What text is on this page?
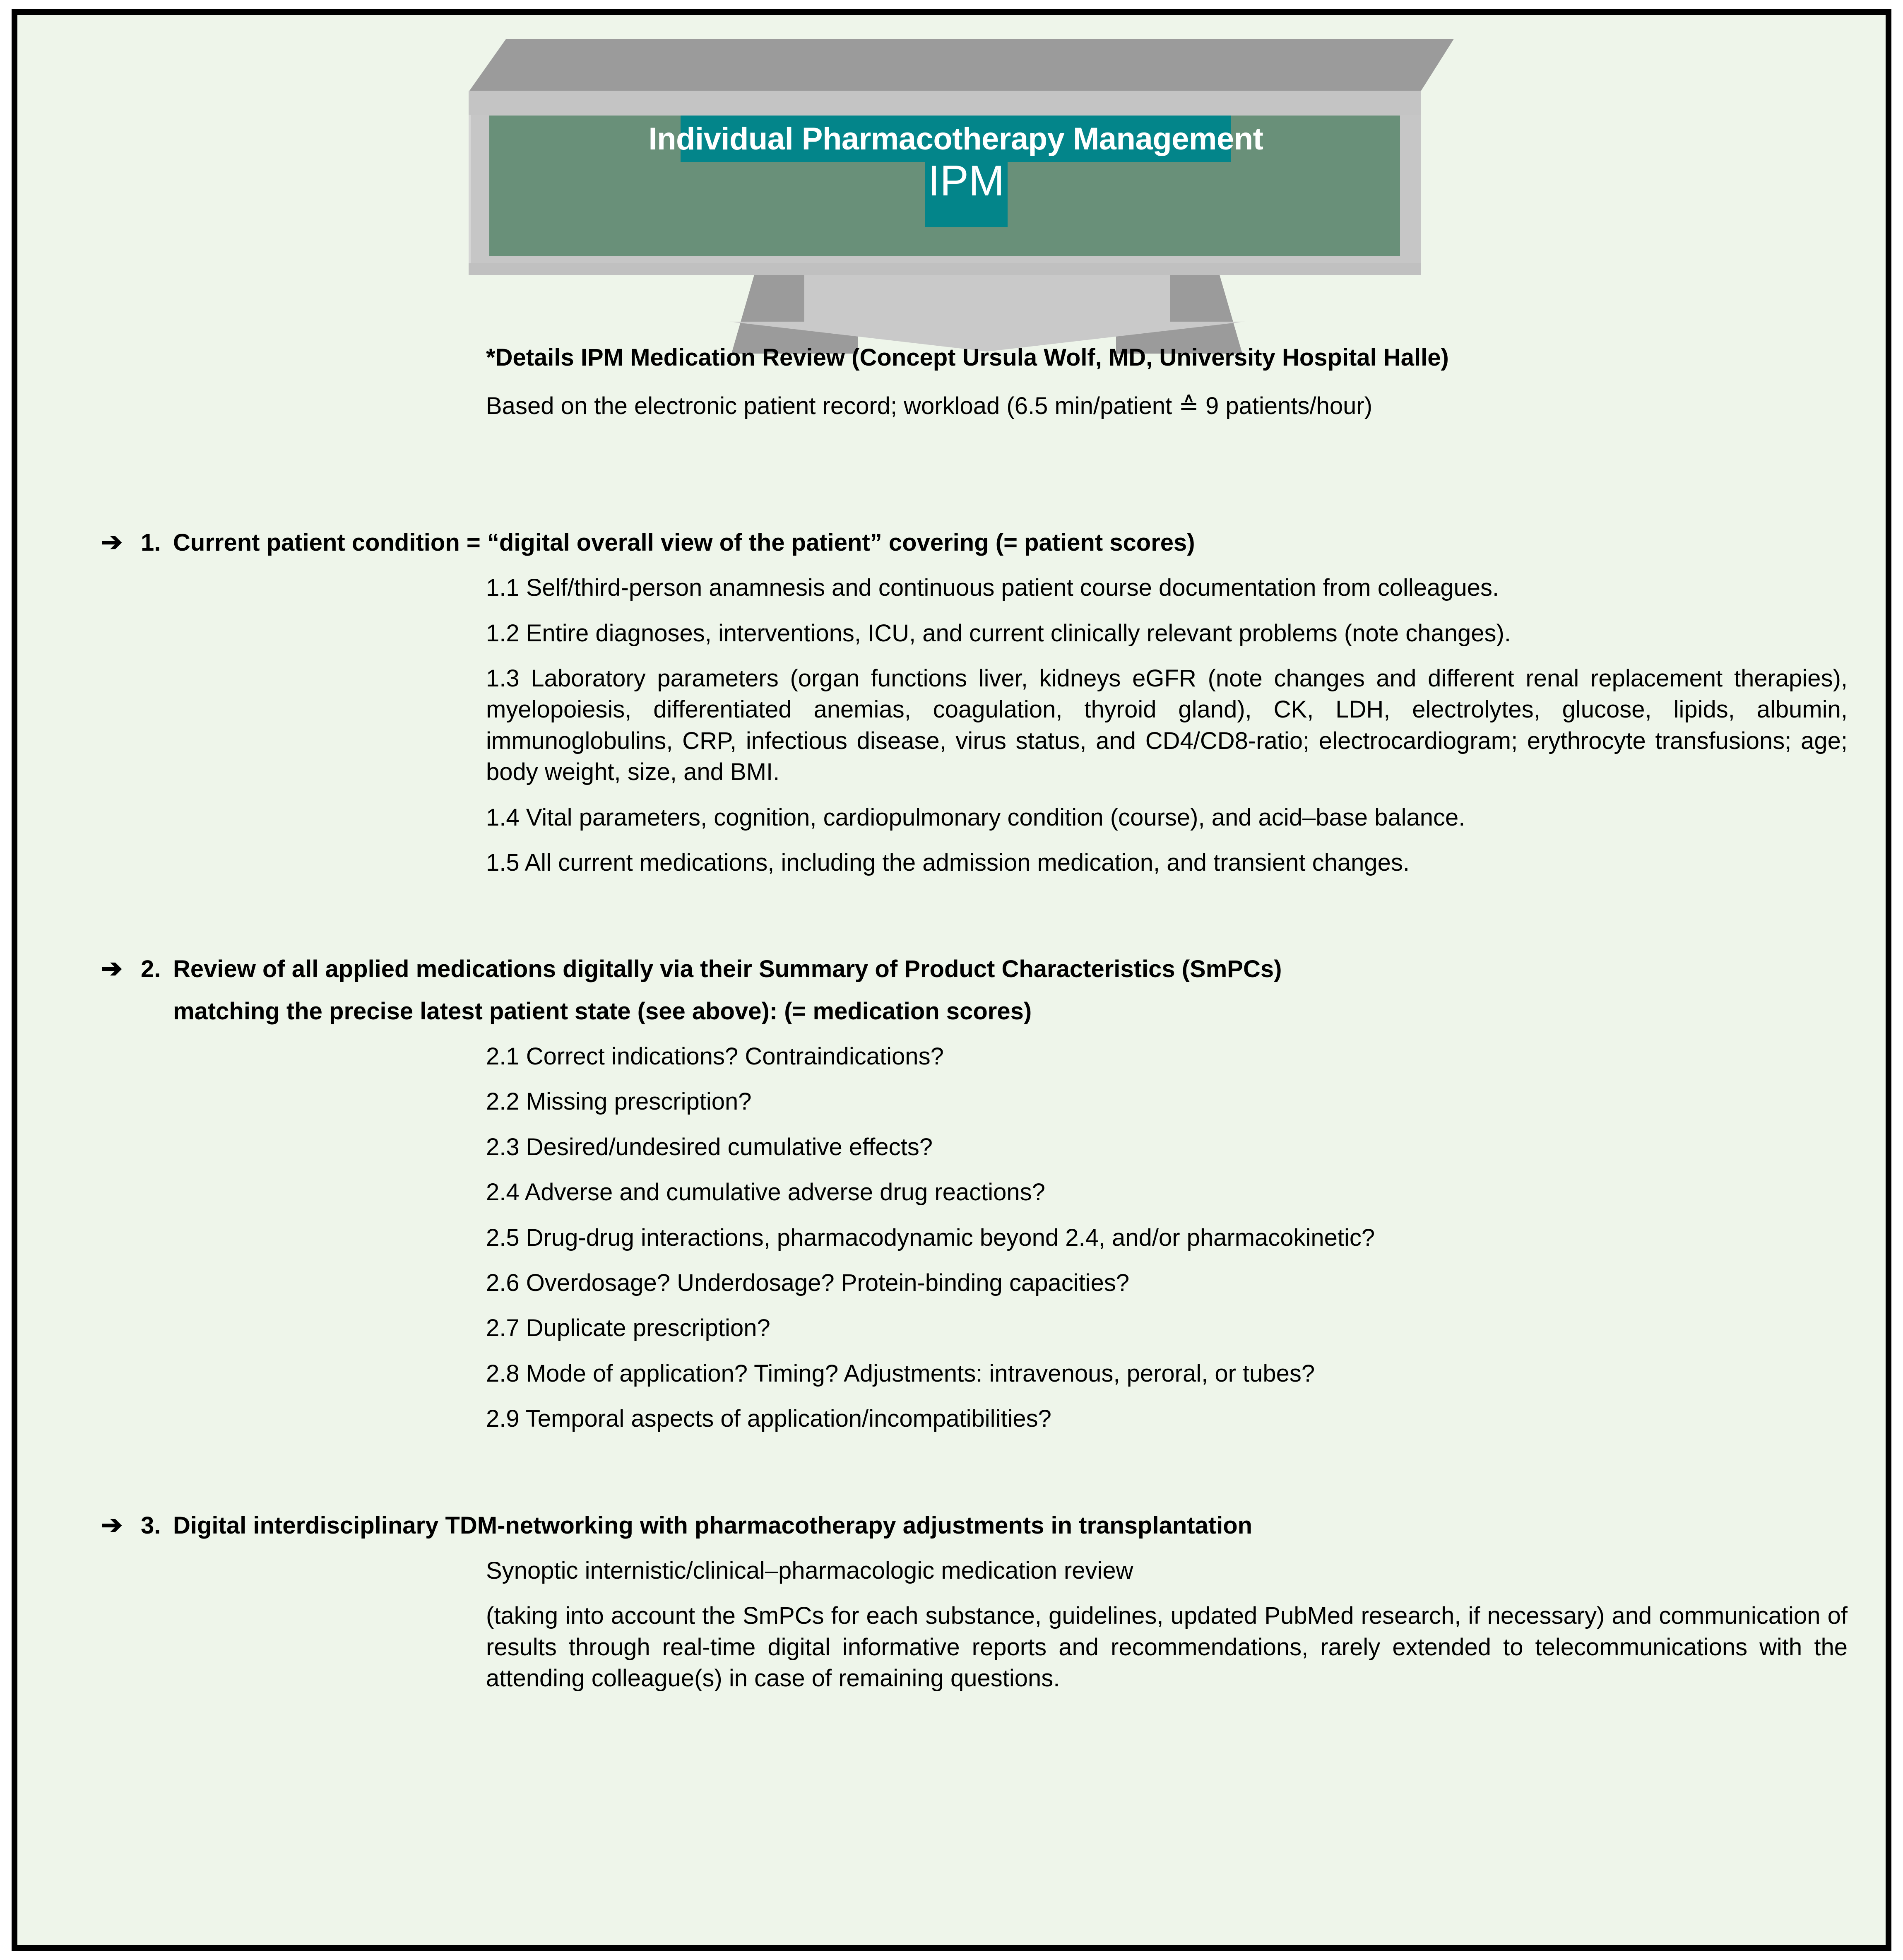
Individual Pharmacotherapy Management
IPM
*Details IPM Medication Review (Concept Ursula Wolf, MD, University Hospital Halle)
Based on the electronic patient record; workload (6.5 min/patient ≙ 9 patients/hour)
➔ 1. Current patient condition = “digital overall view of the patient” covering (= patient scores)
1.1 Self/third-person anamnesis and continuous patient course documentation from colleagues.
1.2 Entire diagnoses, interventions, ICU, and current clinically relevant problems (note changes).
1.3 Laboratory parameters (organ functions liver, kidneys eGFR (note changes and different renal replacement therapies), myelopoiesis, differentiated anemias, coagulation, thyroid gland), CK, LDH, electrolytes, glucose, lipids, albumin, immunoglobulins, CRP, infectious disease, virus status, and CD4/CD8-ratio; electrocardiogram; erythrocyte transfusions; age; body weight, size, and BMI.
1.4 Vital parameters, cognition, cardiopulmonary condition (course), and acid–base balance.
1.5 All current medications, including the admission medication, and transient changes.
➔ 2. Review of all applied medications digitally via their Summary of Product Characteristics (SmPCs)
matching the precise latest patient state (see above): (= medication scores)
2.1 Correct indications? Contraindications?
2.2 Missing prescription?
2.3 Desired/undesired cumulative effects?
2.4 Adverse and cumulative adverse drug reactions?
2.5 Drug-drug interactions, pharmacodynamic beyond 2.4, and/or pharmacokinetic?
2.6 Overdosage? Underdosage? Protein-binding capacities?
2.7 Duplicate prescription?
2.8 Mode of application? Timing? Adjustments: intravenous, peroral, or tubes?
2.9 Temporal aspects of application/incompatibilities?
➔ 3. Digital interdisciplinary TDM-networking with pharmacotherapy adjustments in transplantation
Synoptic internistic/clinical–pharmacologic medication review
(taking into account the SmPCs for each substance, guidelines, updated PubMed research, if necessary) and communication of results through real-time digital informative reports and recommendations, rarely extended to telecommunications with the attending colleague(s) in case of remaining questions.
